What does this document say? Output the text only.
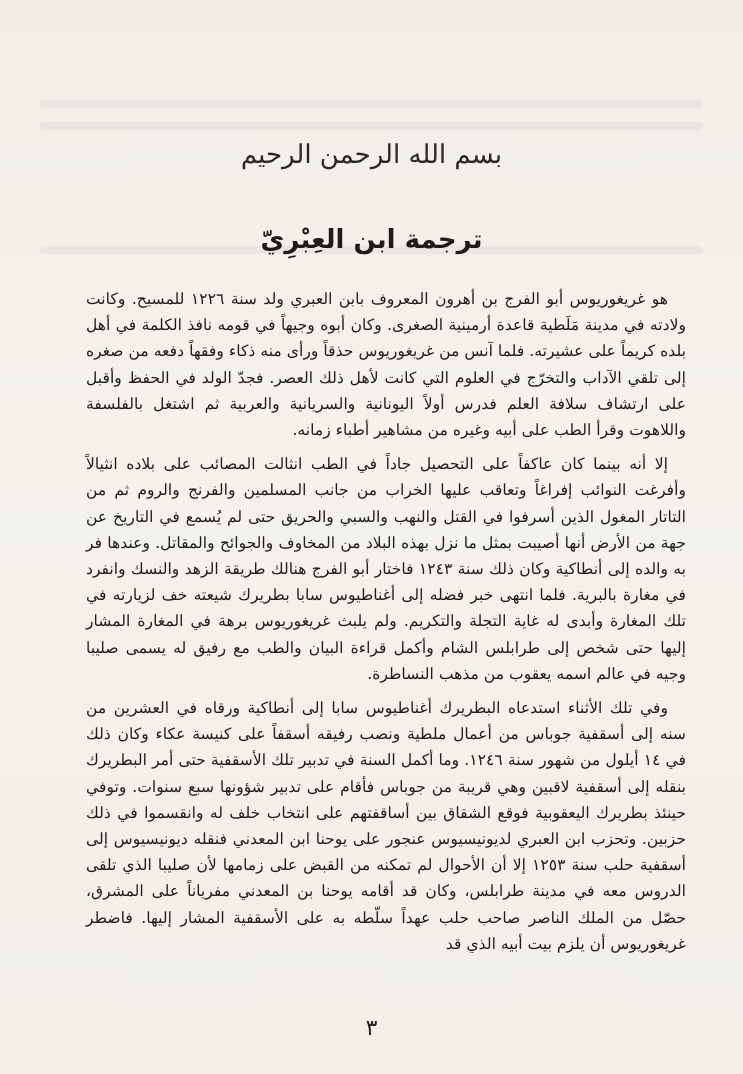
بسم الله الرحمن الرحيم
ترجمة ابن العِبْرِيّ

هو غريغوريوس أبو الفرج بن أهرون المعروف بابن العبري ولد سنة ١٢٢٦ للمسيح. وكانت ولادته في مدينة مَلَطية قاعدة أرمينية الصغرى. وكان أبوه وجيهاً في قومه نافذ الكلمة في أهل بلده كريماً على عشيرته. فلما آنس من غريغوريوس حذقاً ورأى منه ذكاء وفقهاً دفعه من صغره إلى تلقي الآداب والتخرّج في العلوم التي كانت لأهل ذلك العصر. فجدّ الولد في الحفظ وأقبل على ارتشاف سلافة العلم فدرس أولاً اليونانية والسريانية والعربية ثم اشتغل بالفلسفة واللاهوت وقرأ الطب على أبيه وغيره من مشاهير أطباء زمانه.

إلا أنه بينما كان عاكفاً على التحصيل جاداً في الطب انثالت المصائب على بلاده انثيالاً وأفرغت النوائب إفراغاً وتعاقب عليها الخراب من جانب المسلمين والفرنج والروم ثم من التاتار المغول الذين أسرفوا في القتل والنهب والسبي والحريق حتى لم يُسمع في التاريخ عن جهة من الأرض أنها أصيبت بمثل ما نزل بهذه البلاد من المخاوف والجوائح والمقاتل. وعندها فر به والده إلى أنطاكية وكان ذلك سنة ١٢٤٣ فاختار أبو الفرج هنالك طريقة الزهد والنسك وانفرد في مغارة بالبرية. فلما انتهى خبر فضله إلى أغناطيوس سابا بطريرك شيعته خف لزيارته في تلك المغارة وأبدى له غاية التجلة والتكريم. ولم يلبث غريغوريوس برهة في المغارة المشار إليها حتى شخص إلى طرابلس الشام وأكمل قراءة البيان والطب مع رفيق له يسمى صليبا وجيه في عالم اسمه يعقوب من مذهب النساطرة.

وفي تلك الأثناء استدعاه البطريرك أغناطيوس سابا إلى أنطاكية ورقاه في العشرين من سنه إلى أسقفية جوباس من أعمال ملطية ونصب رفيقه أسقفاً على كنيسة عكاء وكان ذلك في ١٤ أيلول من شهور سنة ١٢٤٦. وما أكمل السنة في تدبير تلك الأسقفية حتى أمر البطريرك بنقله إلى أسقفية لاقبين وهي قريبة من جوباس فأقام على تدبير شؤونها سبع سنوات. وتوفي حينئذ بطريرك اليعقوبية فوقع الشقاق بين أساقفتهم على انتخاب خلف له وانقسموا في ذلك حزبين. وتحزب ابن العبري لديونيسيوس عنجور على يوحنا ابن المعدني فنقله ديونيسيوس إلى أسقفية حلب سنة ١٢٥٣ إلا أن الأحوال لم تمكنه من القبض على زمامها لأن صليبا الذي تلقى الدروس معه في مدينة طرابلس، وكان قد أقامه يوحنا بن المعدني مفرياناً على المشرق، حصّل من الملك الناصر صاحب حلب عهداً سلّطه به على الأسقفية المشار إليها. فاضطر غريغوريوس أن يلزم بيت أبيه الذي قد

٣
